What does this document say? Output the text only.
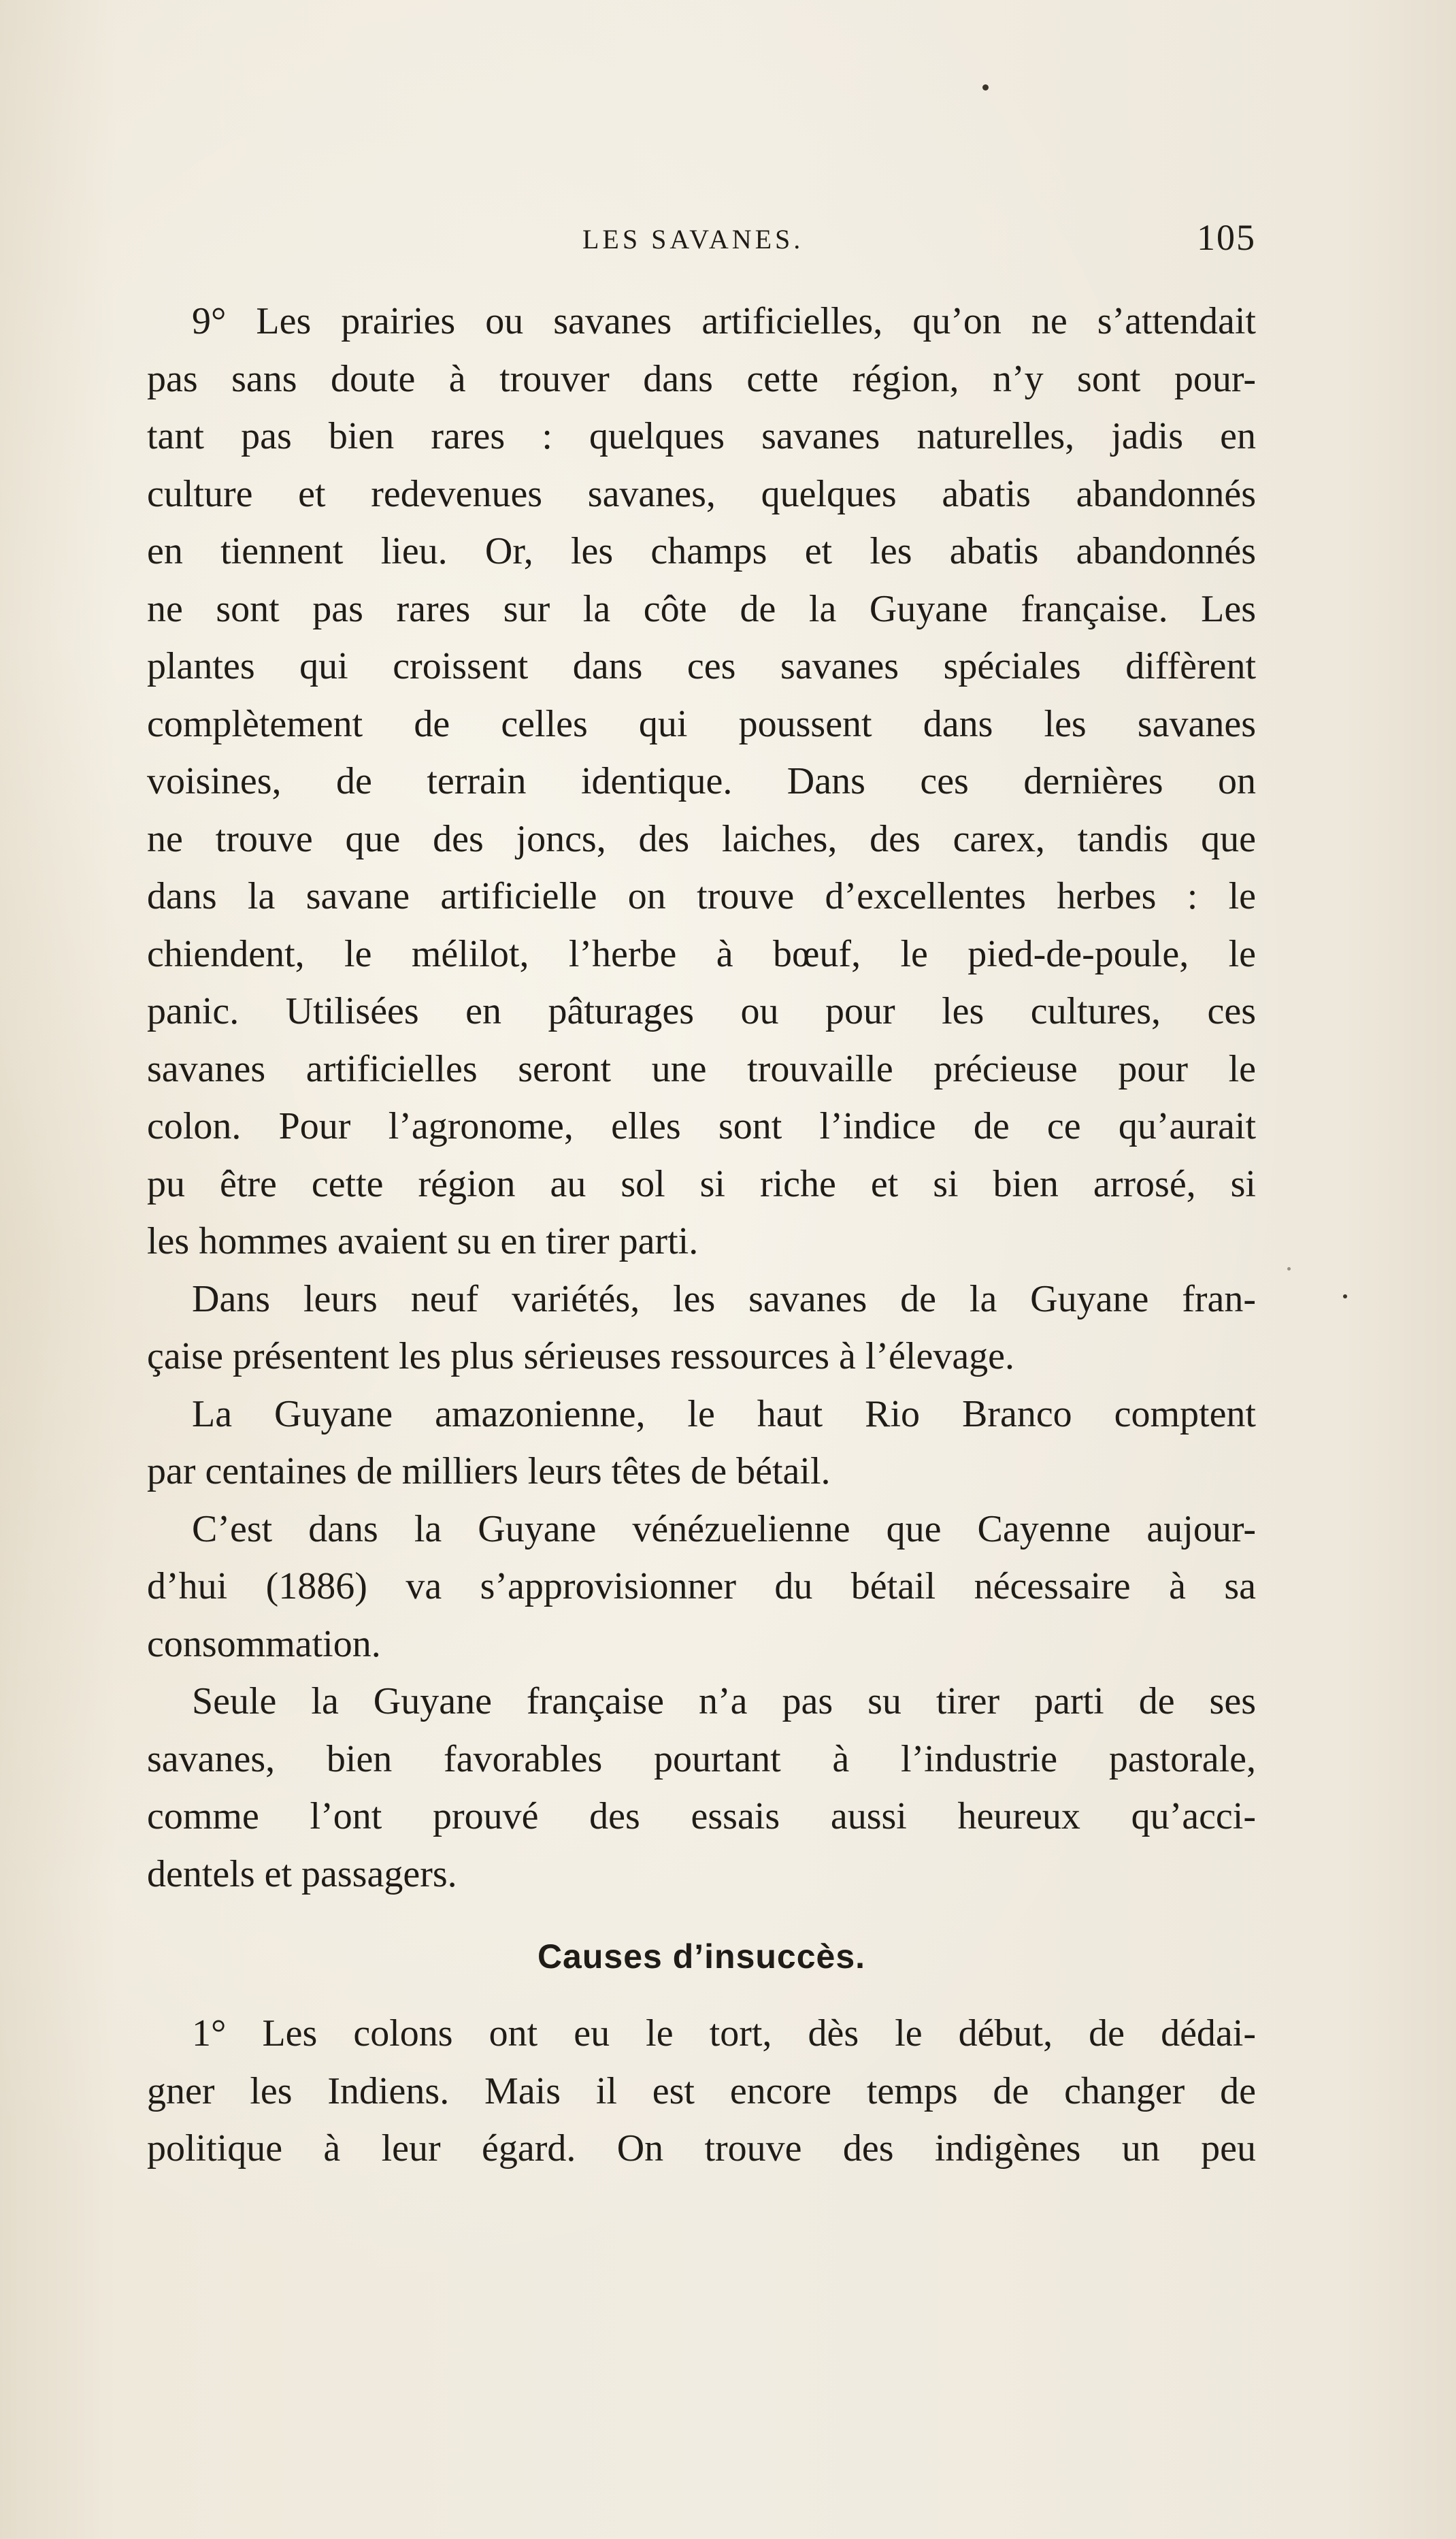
LES SAVANES.	105
9° Les prairies ou savanes artificielles, qu’on ne s’attendait
pas sans doute à trouver dans cette région, n’y sont pour-
tant pas bien rares : quelques savanes naturelles, jadis en
culture et redevenues savanes, quelques abatis abandonnés
en tiennent lieu. Or, les champs et les abatis abandonnés
ne sont pas rares sur la côte de la Guyane française. Les
plantes qui croissent dans ces savanes spéciales diffèrent
complètement de celles qui poussent dans les savanes
voisines, de terrain identique. Dans ces dernières on
ne trouve que des joncs, des laiches, des carex, tandis que
dans la savane artificielle on trouve d’excellentes herbes : le
chiendent, le mélilot, l’herbe à bœuf, le pied-de-poule, le
panic. Utilisées en pâturages ou pour les cultures, ces
savanes artificielles seront une trouvaille précieuse pour le
colon. Pour l’agronome, elles sont l’indice de ce qu’aurait
pu être cette région au sol si riche et si bien arrosé, si
les hommes avaient su en tirer parti.
Dans leurs neuf variétés, les savanes de la Guyane fran-
çaise présentent les plus sérieuses ressources à l’élevage.
La Guyane amazonienne, le haut Rio Branco comptent
par centaines de milliers leurs têtes de bétail.
C’est dans la Guyane vénézuelienne que Cayenne aujour-
d’hui (1886) va s’approvisionner du bétail nécessaire à sa
consommation.
Seule la Guyane française n’a pas su tirer parti de ses
savanes, bien favorables pourtant à l’industrie pastorale,
comme l’ont prouvé des essais aussi heureux qu’acci-
dentels et passagers.
Causes d’insuccès.
1° Les colons ont eu le tort, dès le début, de dédai-
gner les Indiens. Mais il est encore temps de changer de
politique à leur égard. On trouve des indigènes un peu
